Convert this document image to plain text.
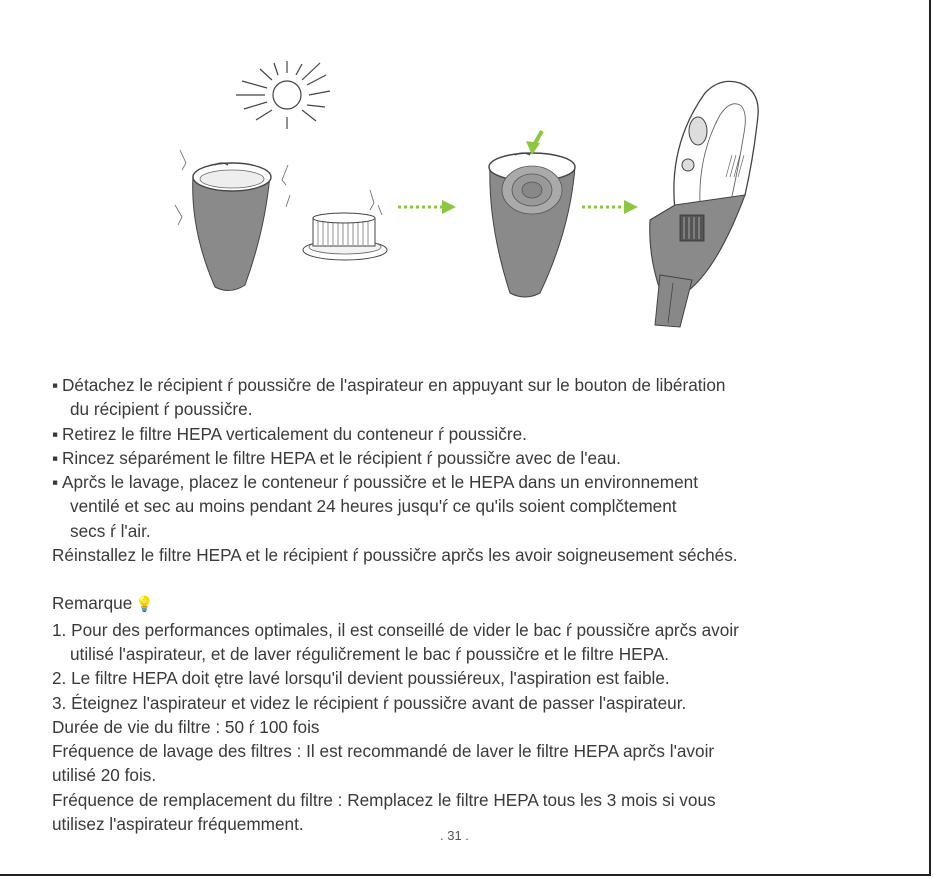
▪ Détachez le récipient ŕ poussičre de l'aspirateur en appuyant sur le bouton de libération
du récipient ŕ poussičre.
▪ Retirez le filtre HEPA verticalement du conteneur ŕ poussičre.
▪ Rincez séparément le filtre HEPA et le récipient ŕ poussičre avec de l'eau.
▪ Aprčs le lavage, placez le conteneur ŕ poussičre et le HEPA dans un environnement
ventilé et sec au moins pendant 24 heures jusqu'ŕ ce qu'ils soient complčtement
secs ŕ l'air.
Réinstallez le filtre HEPA et le récipient ŕ poussičre aprčs les avoir soigneusement séchés.
Remarque 💡
1. Pour des performances optimales, il est conseillé de vider le bac ŕ poussičre aprčs avoir
utilisé l'aspirateur, et de laver réguličrement le bac ŕ poussičre et le filtre HEPA.
2. Le filtre HEPA doit ętre lavé lorsqu'il devient poussiéreux, l'aspiration est faible.
3. Éteignez l'aspirateur et videz le récipient ŕ poussičre avant de passer l'aspirateur.
Durée de vie du filtre : 50 ŕ 100 fois
Fréquence de lavage des filtres : Il est recommandé de laver le filtre HEPA aprčs l'avoir
utilisé 20 fois.
Fréquence de remplacement du filtre : Remplacez le filtre HEPA tous les 3 mois si vous
utilisez l'aspirateur fréquemment.
. 31 .
